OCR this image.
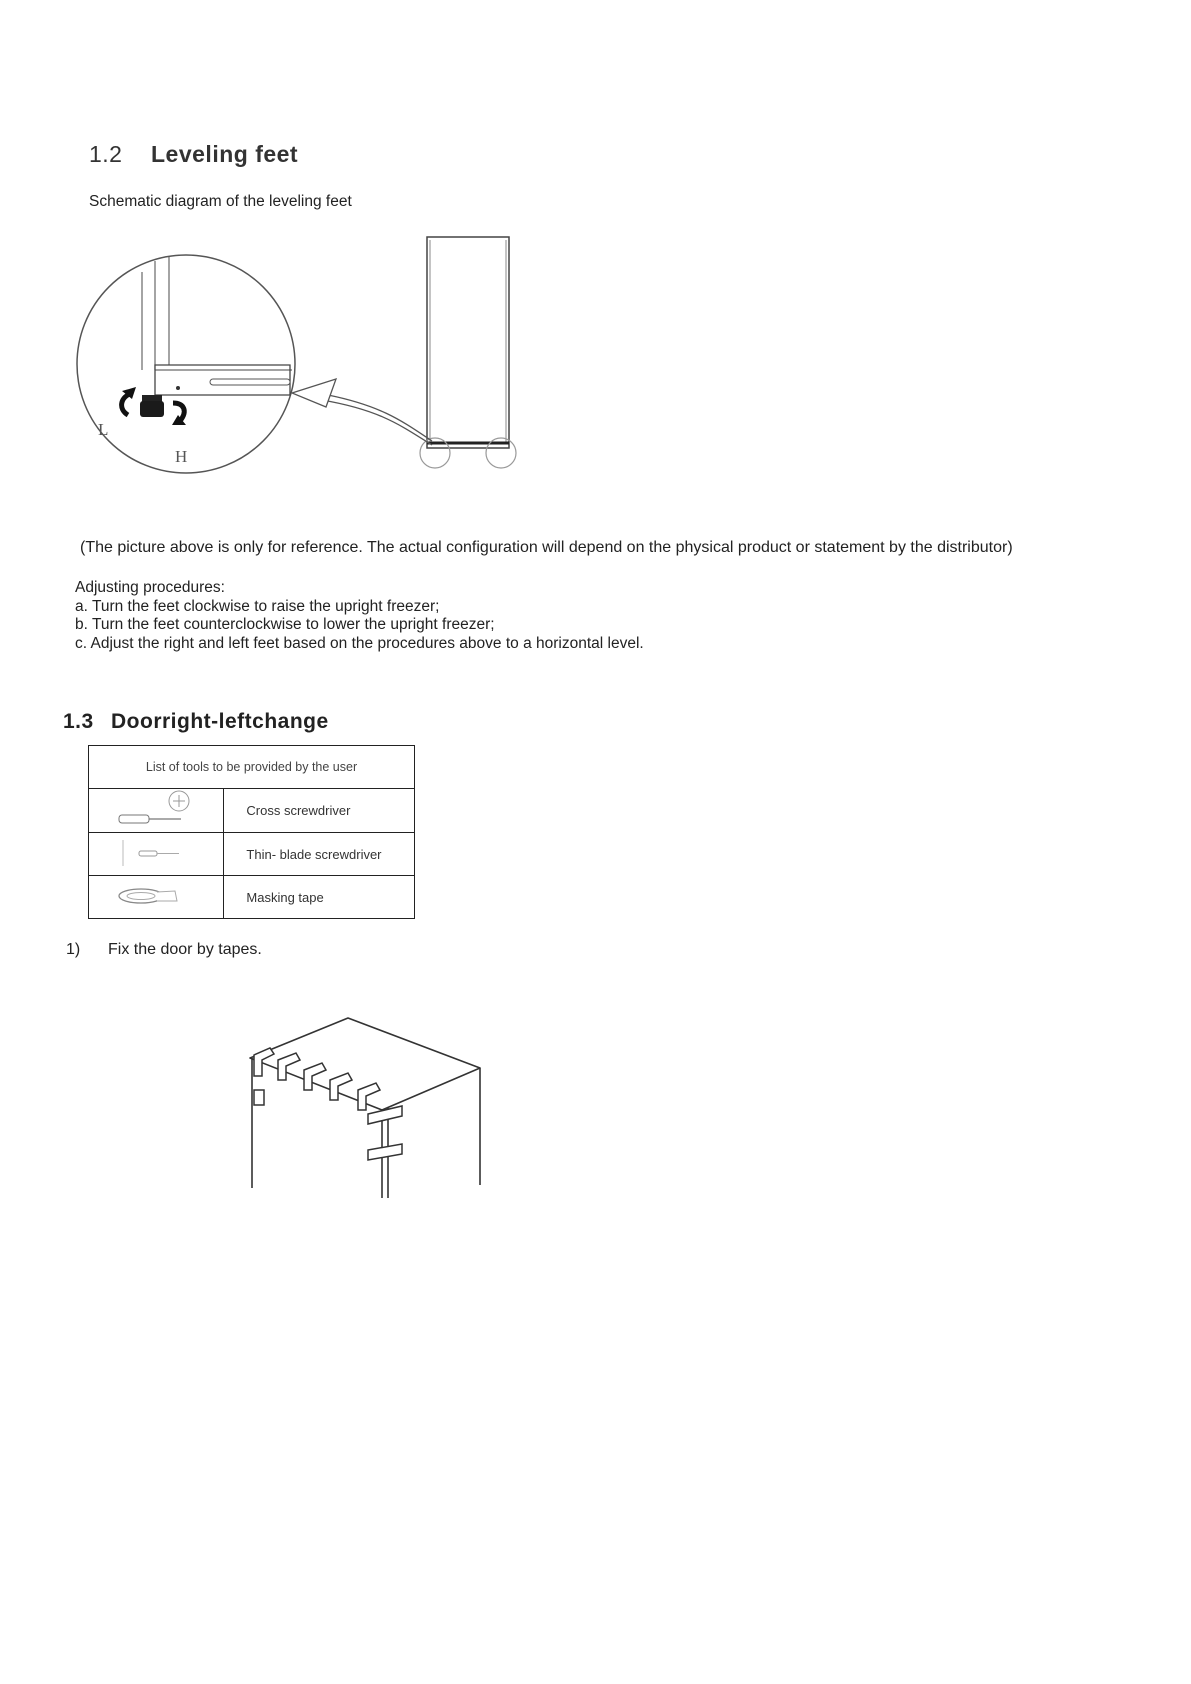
1.2 Leveling feet
Schematic diagram of the leveling feet
L
H
(The picture above is only for reference. The actual configuration will depend on the physical product or statement by the distributor)
Adjusting procedures:
a. Turn the feet clockwise to raise the upright freezer;
b. Turn the feet counterclockwise to lower the upright freezer;
c. Adjust the right and left feet based on the procedures above to a horizontal level.
1.3 Doorright-leftchange
List of tools to be provided by the user	
	Cross screwdriver
	Thin- blade screwdriver
	Masking tape
1) Fix the door by tapes.
